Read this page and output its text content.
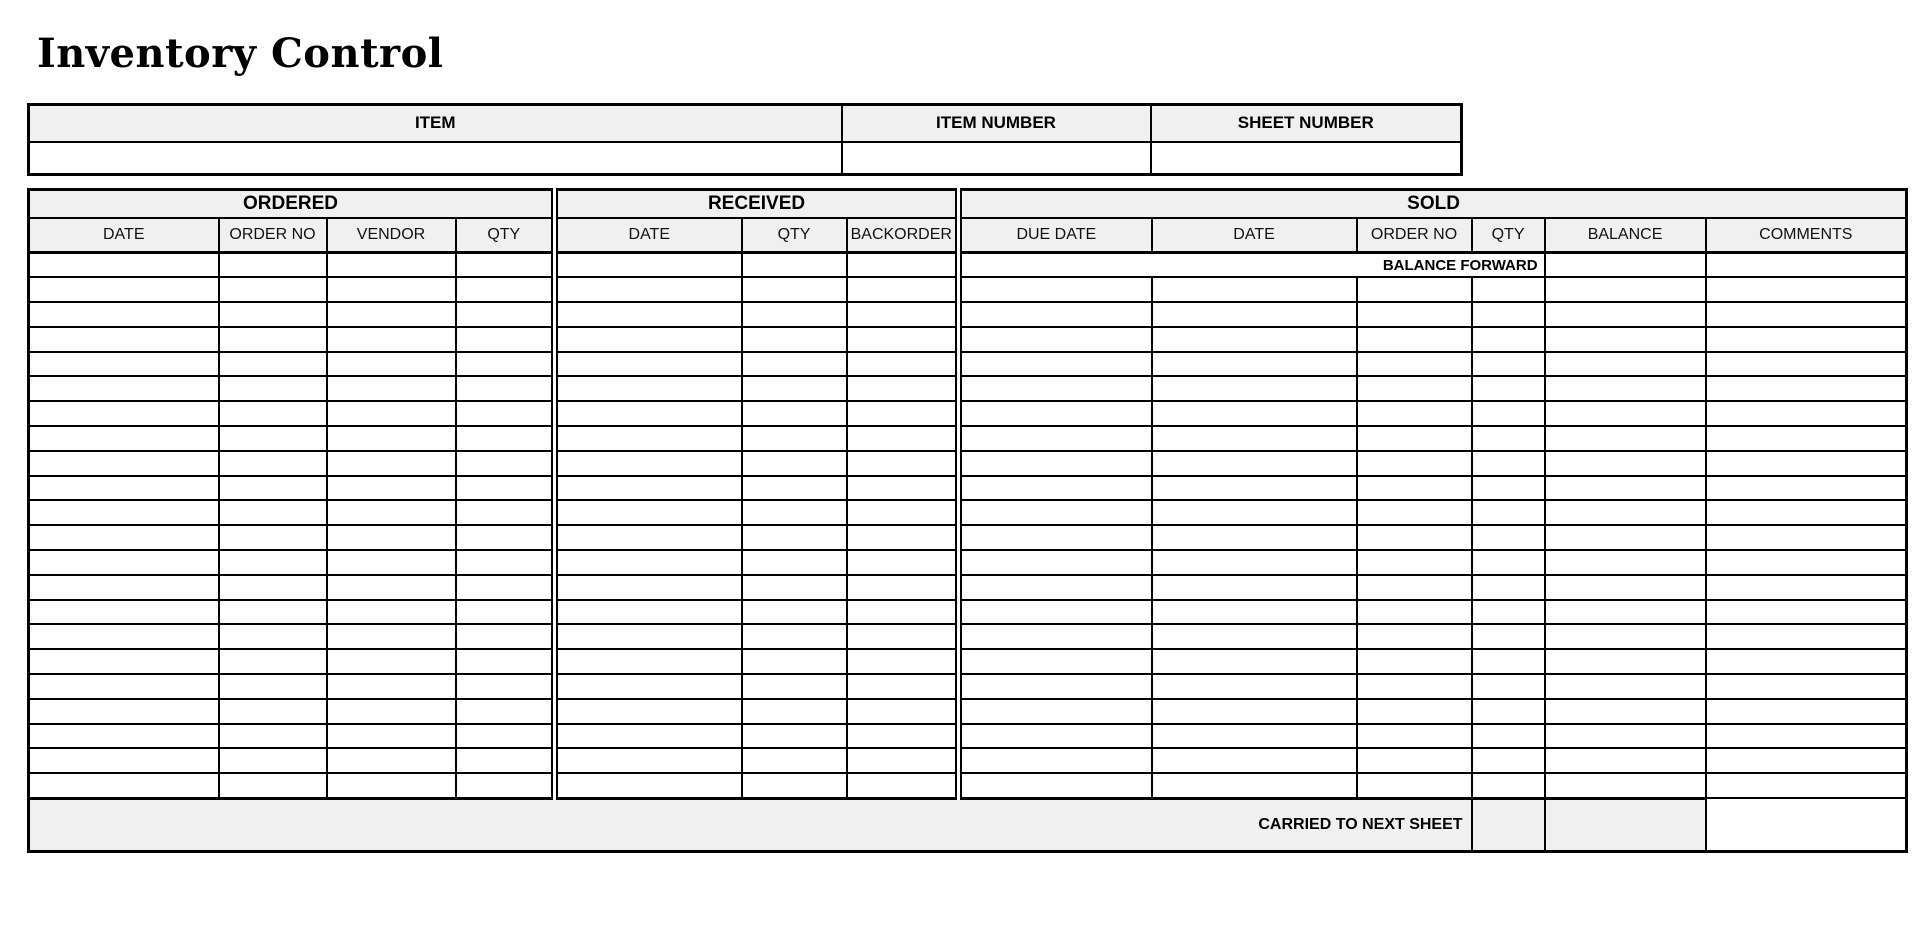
Inventory Control
ITEM	ITEM NUMBER	SHEET NUMBER

ORDERED				RECEIVED			SOLD					
DATE	ORDER NO	VENDOR	QTY	DATE	QTY	BACKORDER	DUE DATE	DATE	ORDER NO	QTY	BALANCE	COMMENTS
							BALANCE FORWARD					

CARRIED TO NEXT SHEET												
